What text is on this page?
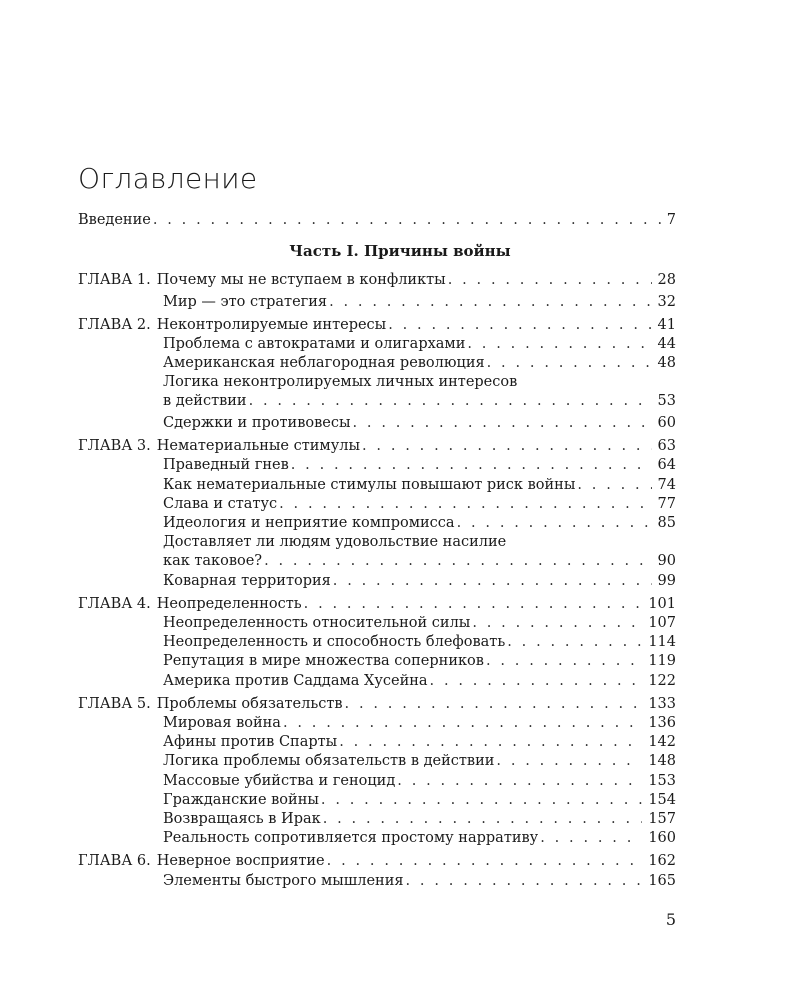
Оглавление
Введение . . .	7
Часть I. Причины войны
ГЛАВА 1. Почему мы не вступаем в конфликты . . .	28
Мир — это стратегия . . .	32
ГЛАВА 2. Неконтролируемые интересы . . .	41
Проблема с автократами и олигархами . . .	44
Американская неблагородная революция . . .	48
Логика неконтролируемых личных интересов
в действии . . .	53
Сдержки и противовесы . . .	60
ГЛАВА 3. Нематериальные стимулы . . .	63
Праведный гнев . . .	64
Как нематериальные стимулы повышают риск войны . . .	74
Слава и статус . . .	77
Идеология и неприятие компромисса . . .	85
Доставляет ли людям удовольствие насилие
как таковое? . . .	90
Коварная территория . . .	99
ГЛАВА 4. Неопределенность . . .	101
Неопределенность относительной силы . . .	107
Неопределенность и способность блефовать . . .	114
Репутация в мире множества соперников . . .	119
Америка против Саддама Хусейна . . .	122
ГЛАВА 5. Проблемы обязательств . . .	133
Мировая война . . .	136
Афины против Спарты . . .	142
Логика проблемы обязательств в действии . . .	148
Массовые убийства и геноцид . . .	153
Гражданские войны . . .	154
Возвращаясь в Ирак . . .	157
Реальность сопротивляется простому нарративу . . .	160
ГЛАВА 6. Неверное восприятие . . .	162
Элементы быстрого мышления . . .	165
5
